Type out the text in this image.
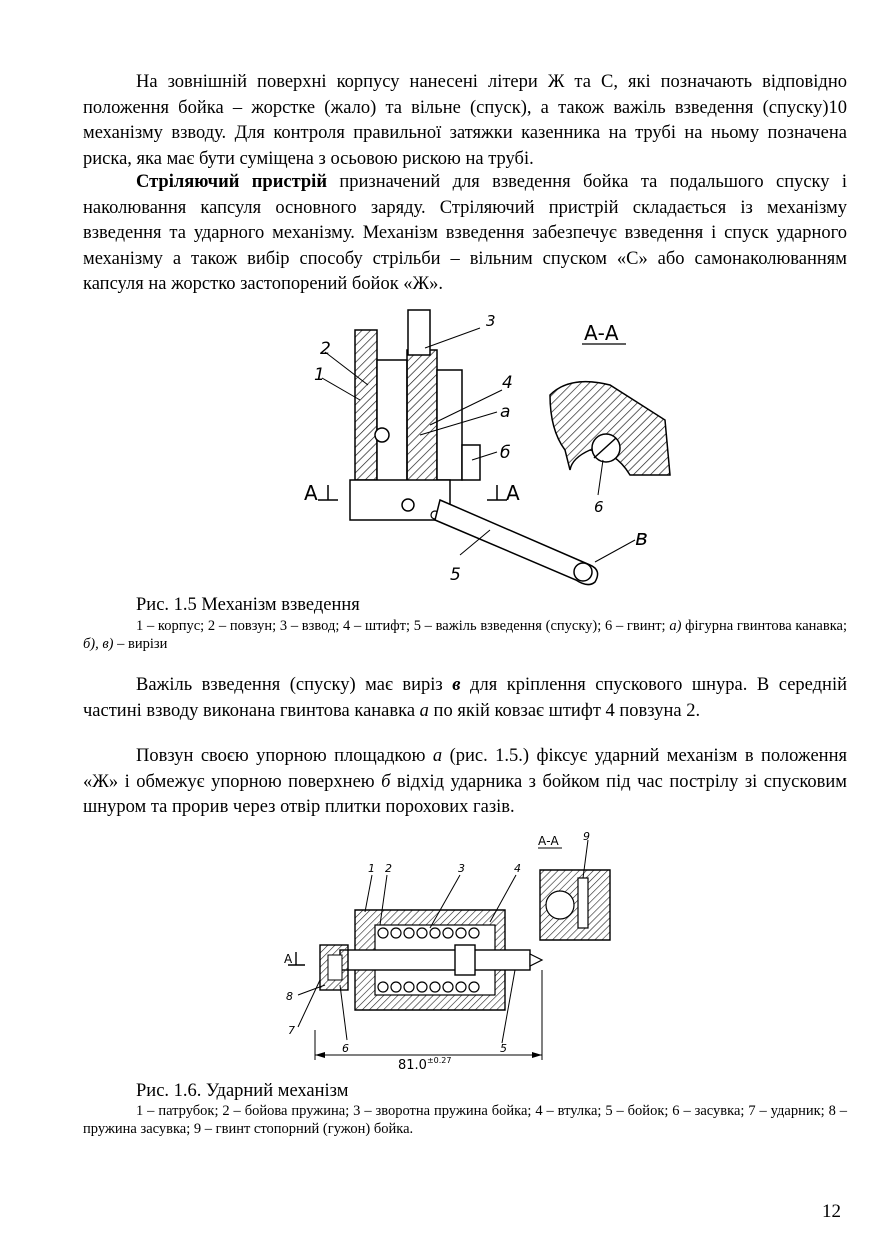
На зовнішній поверхні корпусу нанесені літери Ж та С, які позначають відповідно положення бойка – жорстке (жало) та вільне (спуск), а також важіль взведення (спуску)10 механізму взводу. Для контроля правильної затяжки казенника на трубі на ньому позначена риска, яка має бути суміщена з осьовою рискою на трубі.

Стріляючий пристрій призначений для взведення бойка та подальшого спуску і наколювання капсуля основного заряду. Стріляючий пристрій складається із механізму взведення та ударного механізму. Механізм взведення забезпечує взведення і спуск ударного механізму а також вибір способу стрільби – вільним спуском «С» або самонаколюванням капсуля на жорстко застопорений бойок «Ж».

2
1
3
4
а
б
в
5
6
А	А
А-А

Рис. 1.5 Механізм взведення

1 – корпус; 2 – повзун; 3 – взвод; 4 – штифт; 5 – важіль взведення (спуску); 6 – гвинт; а) фігурна гвинтова канавка; б), в) – вирізи

Важіль взведення (спуску) має виріз в для кріплення спускового шнура. В середній частині взводу виконана гвинтова канавка а по якій ковзає штифт 4 повзуна 2.

Повзун своєю упорною площадкою а (рис. 1.5.) фіксує ударний механізм в положення «Ж» і обмежує упорною поверхнею б відхід ударника з бойком під час пострілу зі спусковим шнуром та прорив через отвір плитки порохових газів.

1 2	3	4
5
6
7
8
9
А
А-А
$81.0^{\pm 0.27}$

Рис. 1.6. Ударний механізм

1 – патрубок; 2 – бойова пружина; 3 – зворотна пружина бойка; 4 – втулка; 5 – бойок; 6 – засувка; 7 – ударник; 8 – пружина засувка; 9 – гвинт стопорний (гужон) бойка.

12
